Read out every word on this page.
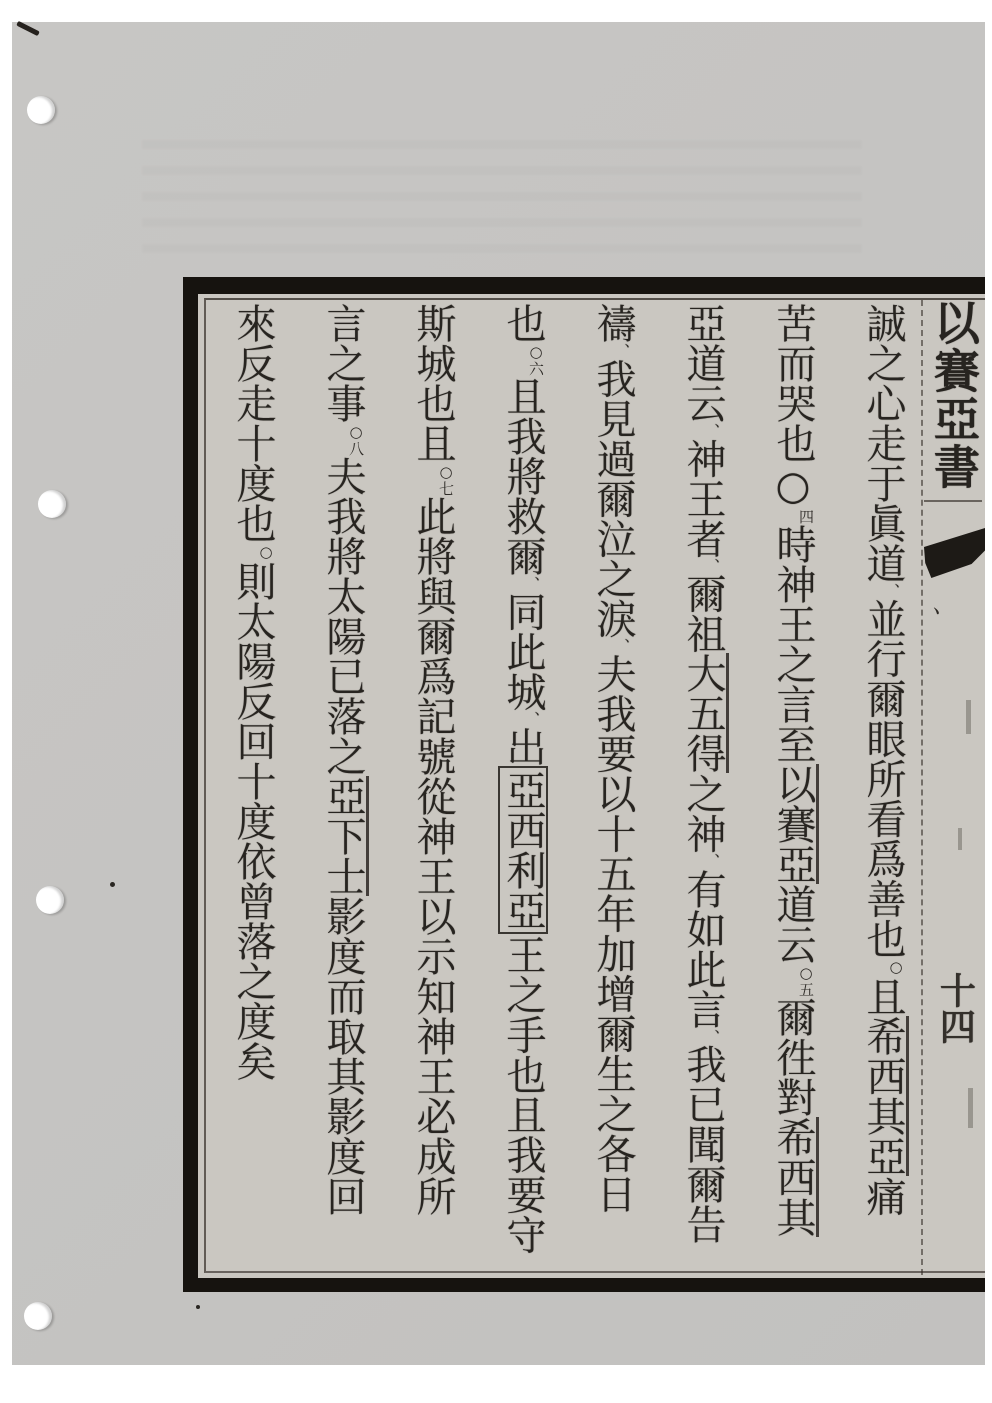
以賽亞書
、
十四
誠之心走于眞道、並行爾眼所看爲善也○且希西其亞痛
苦而哭也○四時神王之言至以賽亞道云○五爾徃對希西其
亞道云、神王者、爾祖大五得之神、有如此言、我已聞爾告
禱、我見過爾泣之淚、夫我要以十五年加增爾生之各日
也○六且我將救爾、同此城、出亞西利亞王之手也且我要守
斯城也且○七此將與爾爲記號從神王以示知神王必成所
言之事○八夫我將太陽已落之亞下士影度而取其影度回
來反走十度也○則太陽反回十度依曾落之度矣
